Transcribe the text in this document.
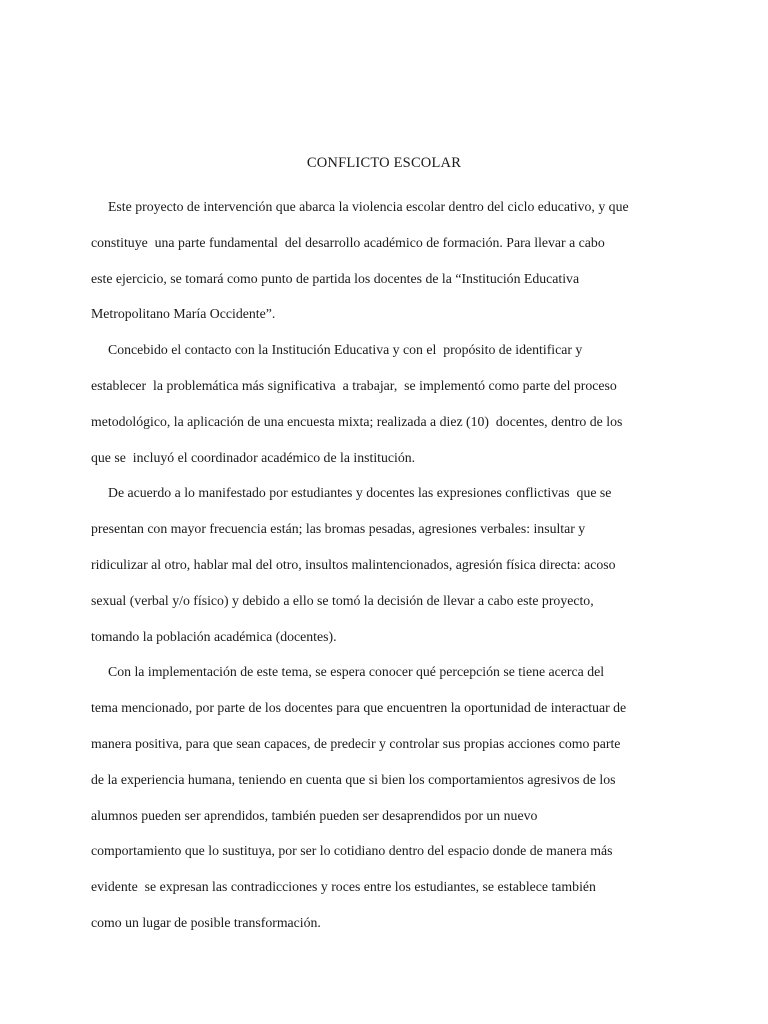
CONFLICTO ESCOLAR

Este proyecto de intervención que abarca la violencia escolar dentro del ciclo educativo, y que
constituye  una parte fundamental  del desarrollo académico de formación. Para llevar a cabo
este ejercicio, se tomará como punto de partida los docentes de la “Institución Educativa
Metropolitano María Occidente”.

Concebido el contacto con la Institución Educativa y con el  propósito de identificar y
establecer  la problemática más significativa  a trabajar,  se implementó como parte del proceso
metodológico, la aplicación de una encuesta mixta; realizada a diez (10)  docentes, dentro de los
que se  incluyó el coordinador académico de la institución.

De acuerdo a lo manifestado por estudiantes y docentes las expresiones conflictivas  que se
presentan con mayor frecuencia están; las bromas pesadas, agresiones verbales: insultar y
ridiculizar al otro, hablar mal del otro, insultos malintencionados, agresión física directa: acoso
sexual (verbal y/o físico) y debido a ello se tomó la decisión de llevar a cabo este proyecto,
tomando la población académica (docentes).

Con la implementación de este tema, se espera conocer qué percepción se tiene acerca del
tema mencionado, por parte de los docentes para que encuentren la oportunidad de interactuar de
manera positiva, para que sean capaces, de predecir y controlar sus propias acciones como parte
de la experiencia humana, teniendo en cuenta que si bien los comportamientos agresivos de los
alumnos pueden ser aprendidos, también pueden ser desaprendidos por un nuevo
comportamiento que lo sustituya, por ser lo cotidiano dentro del espacio donde de manera más
evidente  se expresan las contradicciones y roces entre los estudiantes, se establece también
como un lugar de posible transformación.
